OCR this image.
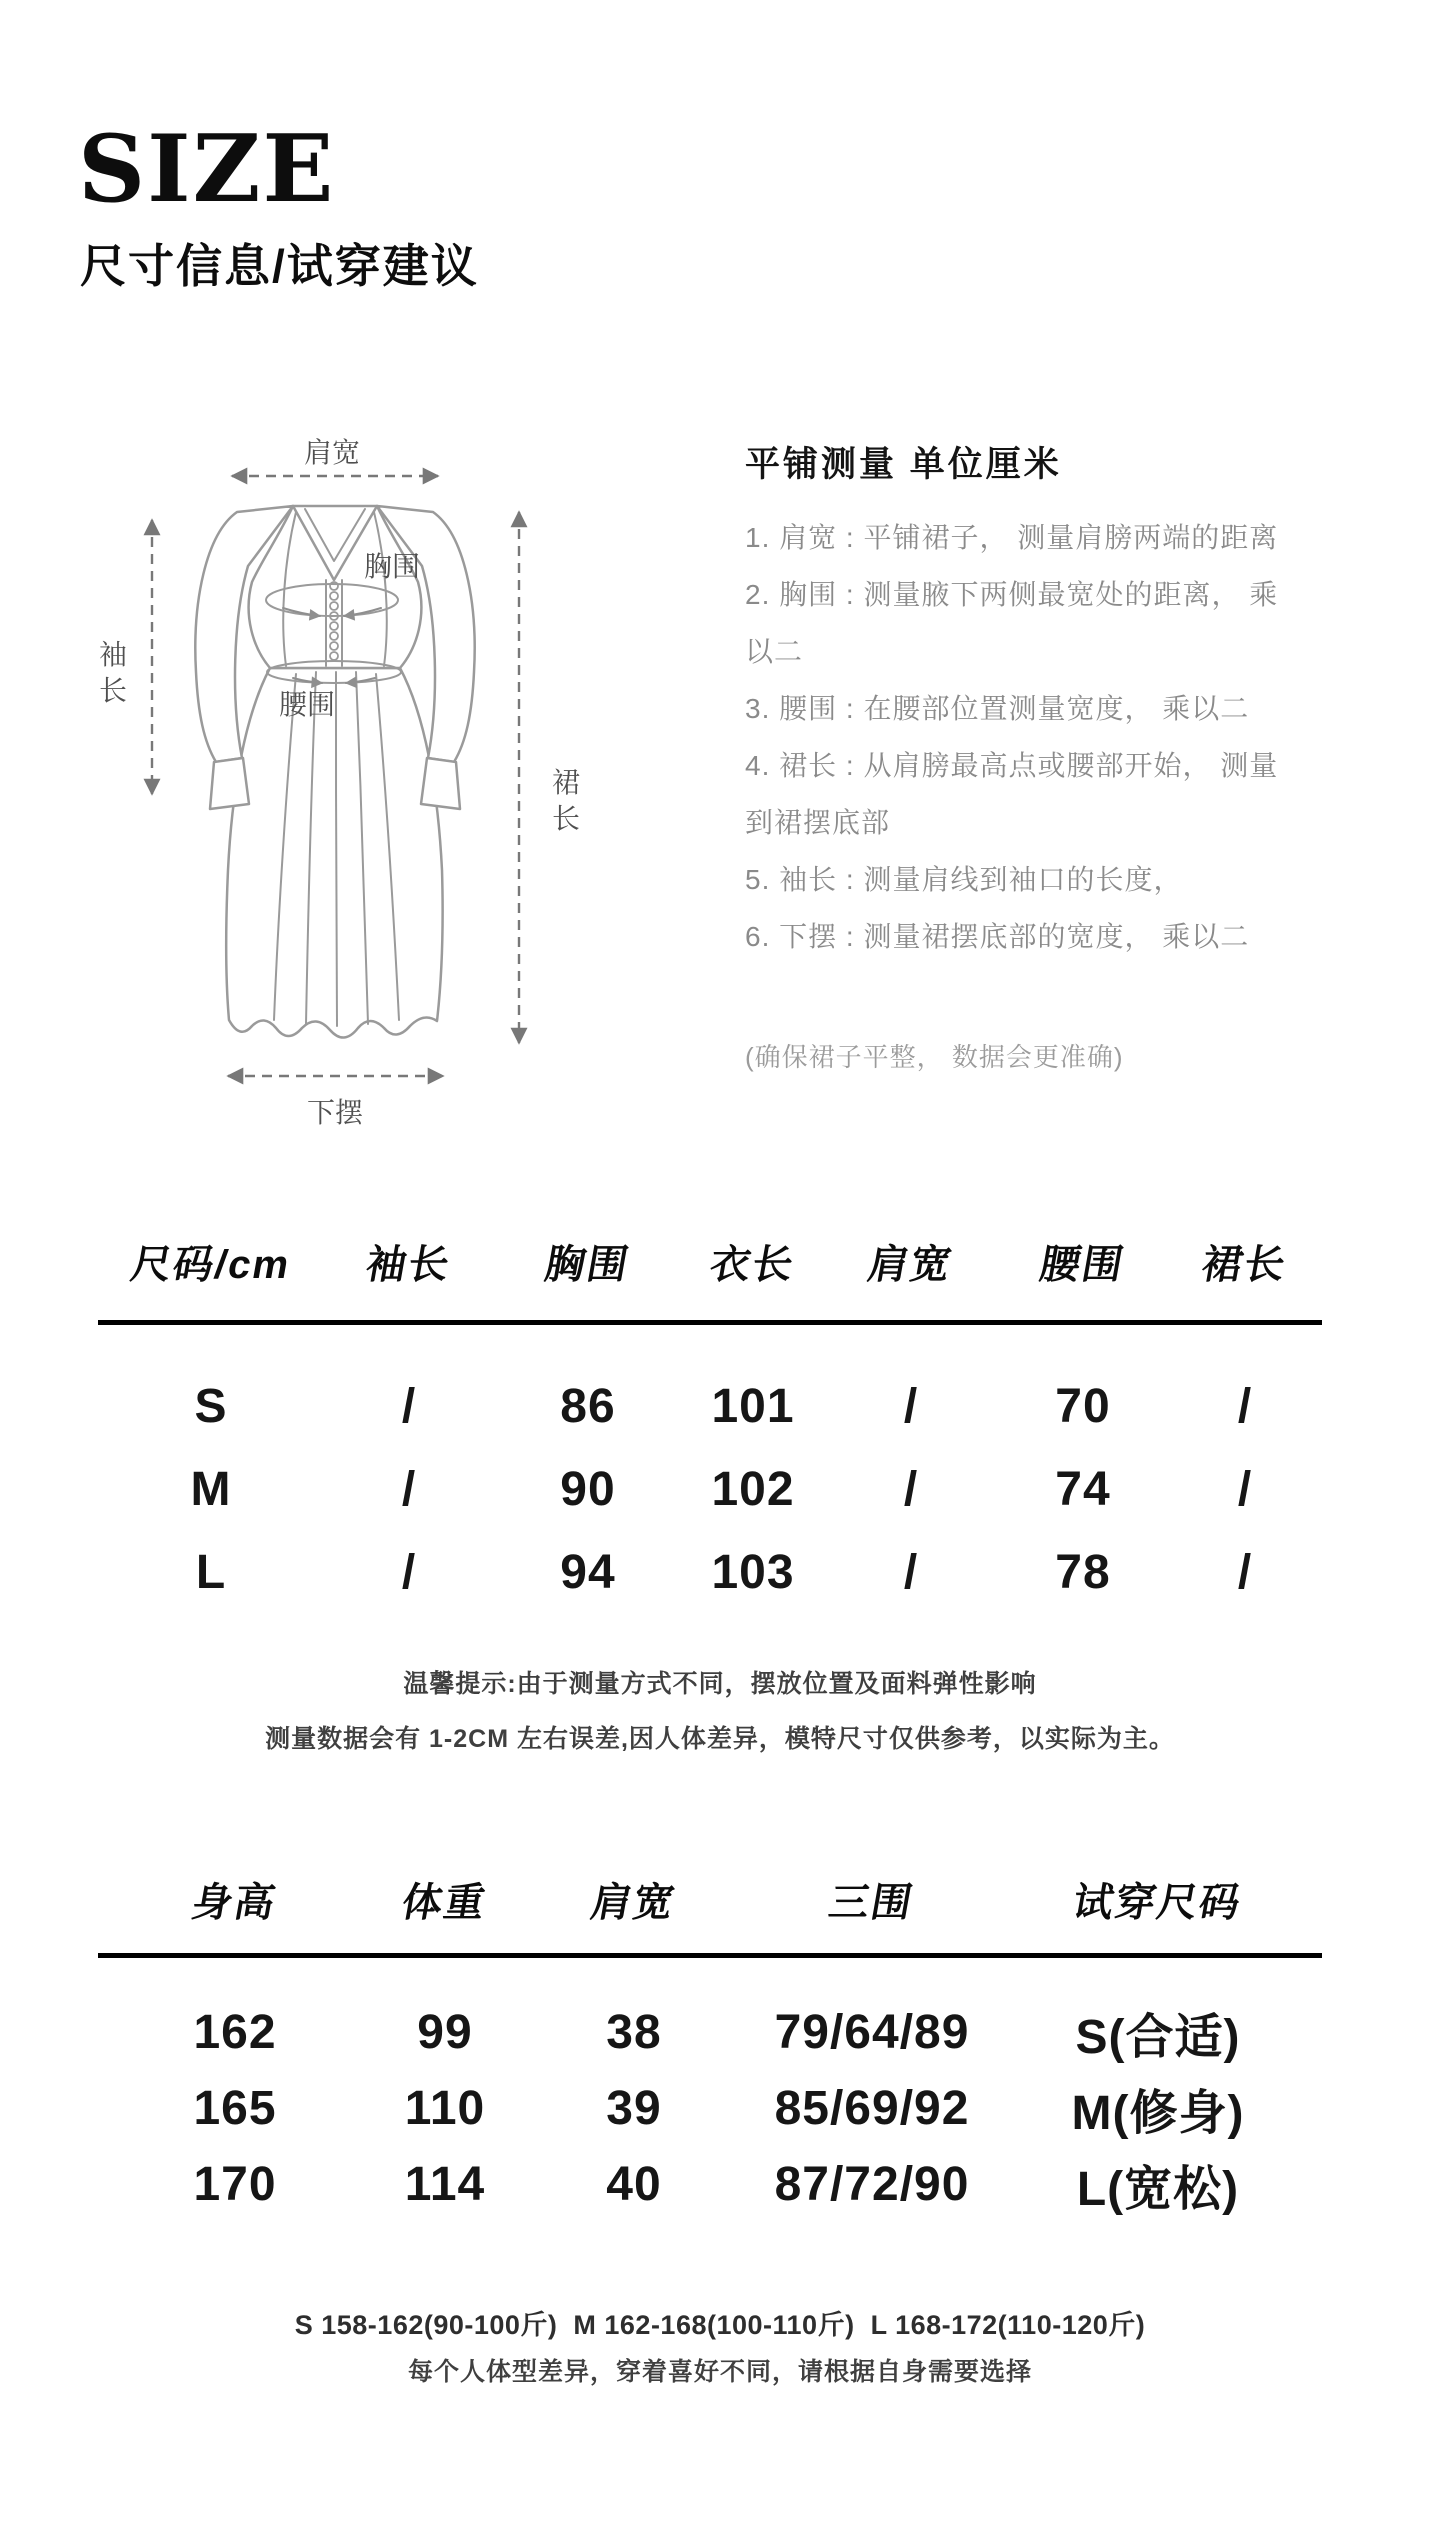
SIZE
尺寸信息/试穿建议
肩宽
袖
长
胸围
腰围
裙
长
下摆
平铺测量 单位厘米
1. 肩宽 : 平铺裙子， 测量肩膀两端的距离
2. 胸围 : 测量腋下两侧最宽处的距离， 乘
以二
3. 腰围 : 在腰部位置测量宽度， 乘以二
4. 裙长 : 从肩膀最高点或腰部开始， 测量
到裙摆底部
5. 袖长 : 测量肩线到袖口的长度，
6. 下摆 : 测量裙摆底部的宽度， 乘以二
(确保裙子平整， 数据会更准确)
尺码/cm 袖长 胸围 衣长 肩宽 腰围 裙长
S	/	86 101 /	70	/
M	/	90 102 /	74	/
L	/	94 103 /	78	/
温馨提示:由于测量方式不同，摆放位置及面料弹性影响
测量数据会有 1-2CM 左右误差,因人体差异，模特尺寸仅供参考，以实际为主。
身高	体重 肩宽	三围	试穿尺码
162	99	38 79/64/89 S(合适)
165	110	39 85/69/92 M(修身)
170	114	40 87/72/90 L(宽松)
S 158-162(90-100斤)  M 162-168(100-110斤)  L 168-172(110-120斤)
每个人体型差异，穿着喜好不同，请根据自身需要选择
